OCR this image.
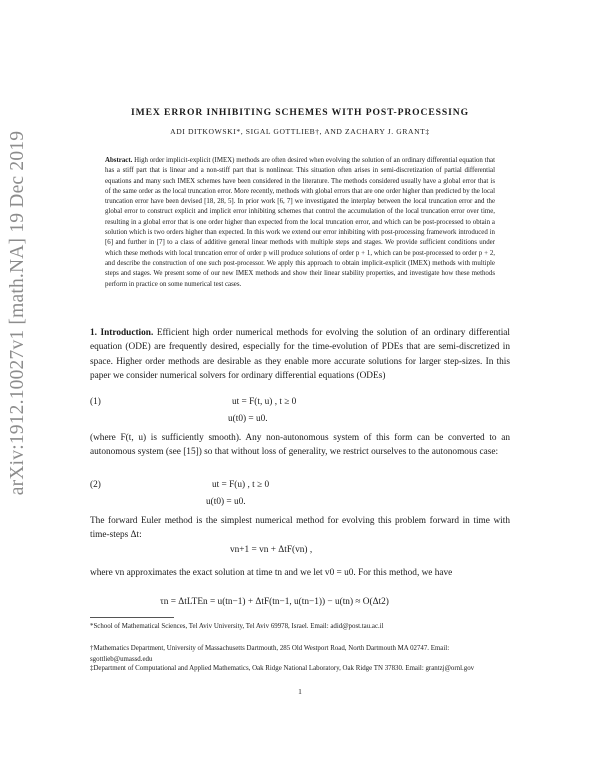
arXiv:1912.10027v1 [math.NA] 19 Dec 2019
IMEX ERROR INHIBITING SCHEMES WITH POST-PROCESSING
ADI DITKOWSKI*, SIGAL GOTTLIEB†, AND ZACHARY J. GRANT‡
Abstract. High order implicit-explicit (IMEX) methods are often desired when evolving the solution of an ordinary differential equation that has a stiff part that is linear and a non-stiff part that is nonlinear. This situation often arises in semi-discretization of partial differential equations and many such IMEX schemes have been considered in the literature. The methods considered usually have a global error that is of the same order as the local truncation error. More recently, methods with global errors that are one order higher than predicted by the local truncation error have been devised [18, 28, 5]. In prior work [6, 7] we investigated the interplay between the local truncation error and the global error to construct explicit and implicit error inhibiting schemes that control the accumulation of the local truncation error over time, resulting in a global error that is one order higher than expected from the local truncation error, and which can be post-processed to obtain a solution which is two orders higher than expected. In this work we extend our error inhibiting with post-processing framework introduced in [6] and further in [7] to a class of additive general linear methods with multiple steps and stages. We provide sufficient conditions under which these methods with local truncation error of order p will produce solutions of order p + 1, which can be post-processed to order p + 2, and describe the construction of one such post-processor. We apply this approach to obtain implicit-explicit (IMEX) methods with multiple steps and stages. We present some of our new IMEX methods and show their linear stability properties, and investigate how these methods perform in practice on some numerical test cases.
1. Introduction. Efficient high order numerical methods for evolving the solution of an ordinary differential equation (ODE) are frequently desired, especially for the time-evolution of PDEs that are semi-discretized in space. Higher order methods are desirable as they enable more accurate solutions for larger step-sizes. In this paper we consider numerical solvers for ordinary differential equations (ODEs)
(1)	ut = F(t, u) , t ≥ 0
u(t0) = u0.
(where F(t, u) is sufficiently smooth). Any non-autonomous system of this form can be converted to an autonomous system (see [15]) so that without loss of generality, we restrict ourselves to the autonomous case:
(2)	ut = F(u) , t ≥ 0
u(t0) = u0.
The forward Euler method is the simplest numerical method for evolving this problem forward in time with time-steps Δt:
vn+1 = vn + ΔtF(vn) ,
where vn approximates the exact solution at time tn and we let v0 = u0. For this method, we have
τn = ΔtLTEn = u(tn−1) + ΔtF(tn−1, u(tn−1)) − u(tn) ≈ O(Δt2)
*School of Mathematical Sciences, Tel Aviv University, Tel Aviv 69978, Israel. Email: adid@post.tau.ac.il
†Mathematics Department, University of Massachusetts Dartmouth, 285 Old Westport Road, North Dartmouth MA 02747. Email: sgottlieb@umassd.edu
‡Department of Computational and Applied Mathematics, Oak Ridge National Laboratory, Oak Ridge TN 37830. Email: grantzj@ornl.gov
1
